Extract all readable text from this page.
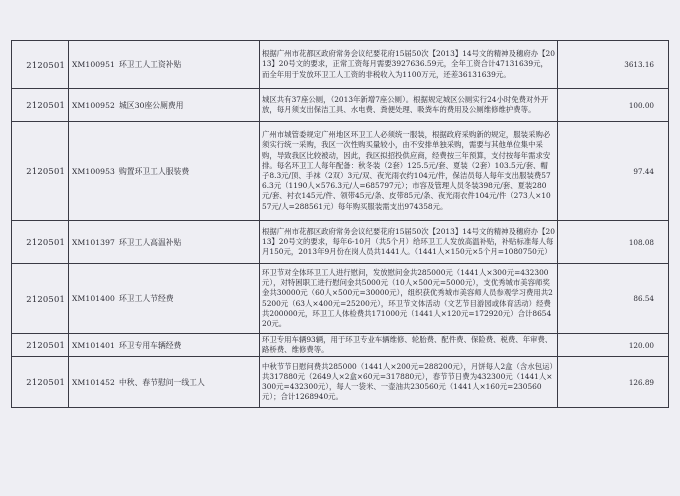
2120501	XM100951 环卫工人工资补贴	根据广州市花都区政府常务会议纪要花府15届50次【2013】14号文的精神及穗府办【2013】20号文的要求，正常工资每月需要3927636.59元，全年工资合计47131639元，而全年用于发放环卫工人工资的非税收入为1100万元，还差36131639元。	3613.16
2120501	XM100952 城区30座公厕费用	城区共有37座公厕，（2013年新增7座公厕）。根据规定城区公厕实行24小时免费对外开放，每月须支出保洁工具、水电费、粪便处理、吸粪车的费用及公厕维修维护费等。	100.00
2120501	XM100953 购置环卫工人服装费	广州市城管委规定广州地区环卫工人必须统一服装，根据政府采购新的规定，服装采购必须实行统一采购，我区一次性购买量较小，由不安排单独采购，需要与其他单位集中采购，导致我区比较被动，因此，我区拟招投供应商，经费按三年预算，支付按每年需求安排。每名环卫工人每年配备：秋冬装（2套）125.5元/套、夏装（2套）103.5元/套、帽子8.3元/顶、手袜（2双）3元/双、夜光雨衣约104元/件，保洁员每人每年支出服装费576.3元（1190人×576.3元/人=685797元）；市容及管理人员冬装398元/套、夏装280元/套、衬衣145元/件、领带45元/条、皮带85元/条、夜光雨衣件104元/件（273人×1057元/人=288561元）每年购买服装需支出974358元。	97.44
2120501	XM101397 环卫工人高温补贴	根据广州市花都区政府常务会议纪要花府15届50次【2013】14号文的精神及穗府办【2013】20号文的要求，每年6-10月（共5个月）给环卫工人发放高温补贴，补贴标准每人每月150元，2013年9月份在岗人员共1441人。（1441人×150元×5个月=1080750元）	108.08
2120501	XM101400 环卫工人节经费	环卫节对全体环卫工人进行慰问，发放慰问金共285000元（1441人×300元=432300元），对特困职工进行慰问金共5000元（10人×500元=5000元），支优秀城市美容师奖金共30000元（60人×500元=30000元），组织获优秀城市美容师人员参观学习费用共25200元（63人×400元=25200元），环卫节文体活动（文艺节目游园或体育活动）经费共200000元，环卫工人体检费共171000元（1441人×120元=172920元）合计865420元。	86.54
2120501	XM101401 环卫专用车辆经费	环卫专用车辆93辆，用于环卫专业车辆维修、轮胎费、配件费、保险费、税费、年审费、路桥费、维修费等。	120.00
2120501	XM101452 中秋、春节慰问一线工人	中秋节节日慰问费共285000（1441人×200元=288200元），月饼每人2盒（含水包运）共317880元（2649人×2盒×60元=317880元），春节节日费为432300元（1441人×300元=432300元），每人一袋米、一壶油共230560元（1441人×160元=230560元）；合计1268940元。	126.89
